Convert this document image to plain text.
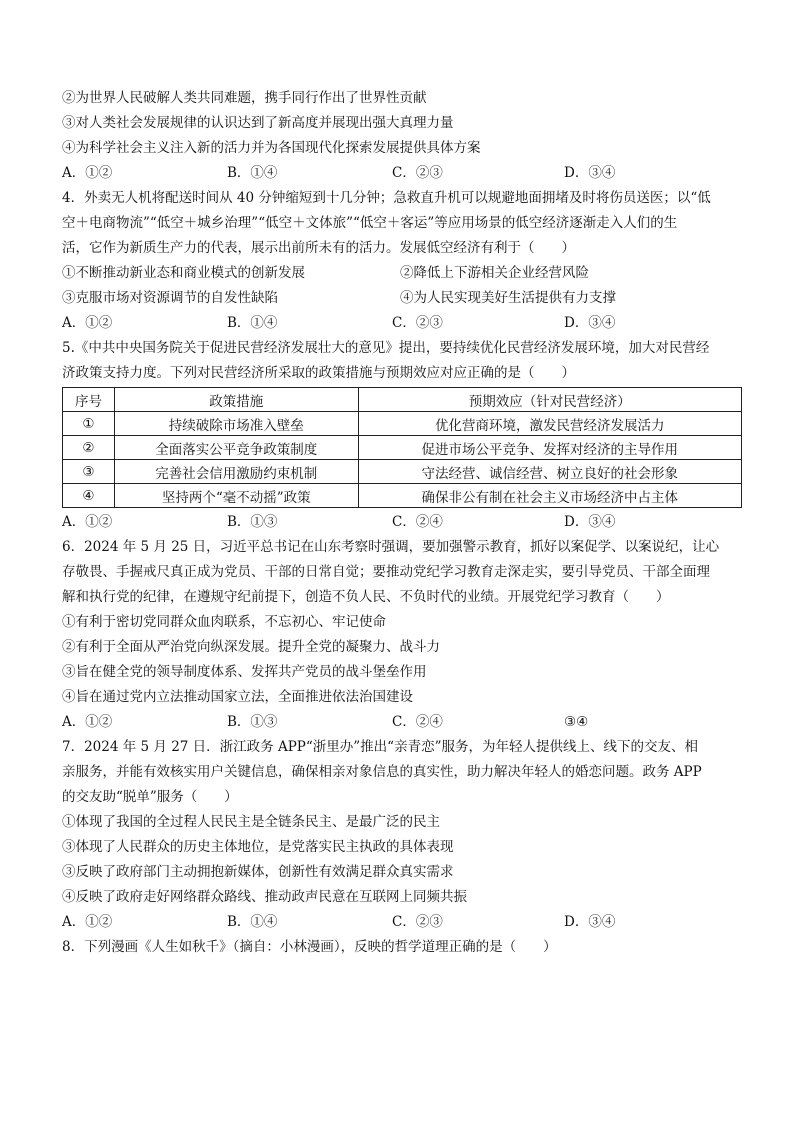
②为世界人民破解人类共同难题，携手同行作出了世界性贡献
③对人类社会发展规律的认识达到了新高度并展现出强大真理力量
④为科学社会主义注入新的活力并为各国现代化探索发展提供具体方案
A．①②	B．①④	C．②③	D．③④
4．外卖无人机将配送时间从 40 分钟缩短到十几分钟；急救直升机可以规避地面拥堵及时将伤员送医；以“低
空＋电商物流”“低空＋城乡治理”“低空＋文体旅”“低空＋客运”等应用场景的低空经济逐渐走入人们的生
活，它作为新质生产力的代表，展示出前所未有的活力。发展低空经济有利于（　　）
①不断推动新业态和商业模式的创新发展	②降低上下游相关企业经营风险
③克服市场对资源调节的自发性缺陷	④为人民实现美好生活提供有力支撑
A．①②	B．①④	C．②③	D．③④
5.《中共中央国务院关于促进民营经济发展壮大的意见》提出，要持续优化民营经济发展环境，加大对民营经
济政策支持力度。下列对民营经济所采取的政策措施与预期效应对应正确的是（　　）
序号	政策措施	预期效应（针对民营经济）
①	持续破除市场准入壁垒	优化营商环境，激发民营经济发展活力
②	全面落实公平竞争政策制度	促进市场公平竞争、发挥对经济的主导作用
③	完善社会信用激励约束机制	守法经营、诚信经营、树立良好的社会形象
④	坚持两个“毫不动摇”政策	确保非公有制在社会主义市场经济中占主体
A．①②	B．①③	C．②④	D．③④
6．2024 年 5 月 25 日，习近平总书记在山东考察时强调，要加强警示教育，抓好以案促学、以案说纪，让心
存敬畏、手握戒尺真正成为党员、干部的日常自觉；要推动党纪学习教育走深走实，要引导党员、干部全面理
解和执行党的纪律，在遵规守纪前提下，创造不负人民、不负时代的业绩。开展党纪学习教育（　　）
①有利于密切党同群众血肉联系，不忘初心、牢记使命
②有利于全面从严治党向纵深发展。提升全党的凝聚力、战斗力
③旨在健全党的领导制度体系、发挥共产党员的战斗堡垒作用
④旨在通过党内立法推动国家立法，全面推进依法治国建设
A．①②	B．①③	C．②④	③④
7．2024 年 5 月 27 日．浙江政务 APP“浙里办”推出“亲青恋”服务，为年轻人提供线上、线下的交友、相
亲服务，并能有效核实用户关键信息，确保相亲对象信息的真实性，助力解决年轻人的婚恋问题。政务 APP
的交友助“脱单”服务（　　）
①体现了我国的全过程人民民主是全链条民主、是最广泛的民主
③体现了人民群众的历史主体地位，是党落实民主执政的具体表现
③反映了政府部门主动拥抱新媒体，创新性有效满足群众真实需求
④反映了政府走好网络群众路线、推动政声民意在互联网上同频共振
A．①②	B．①④	C．②③	D．③④
8．下列漫画《人生如秋千》（摘自：小林漫画），反映的哲学道理正确的是（　　）
